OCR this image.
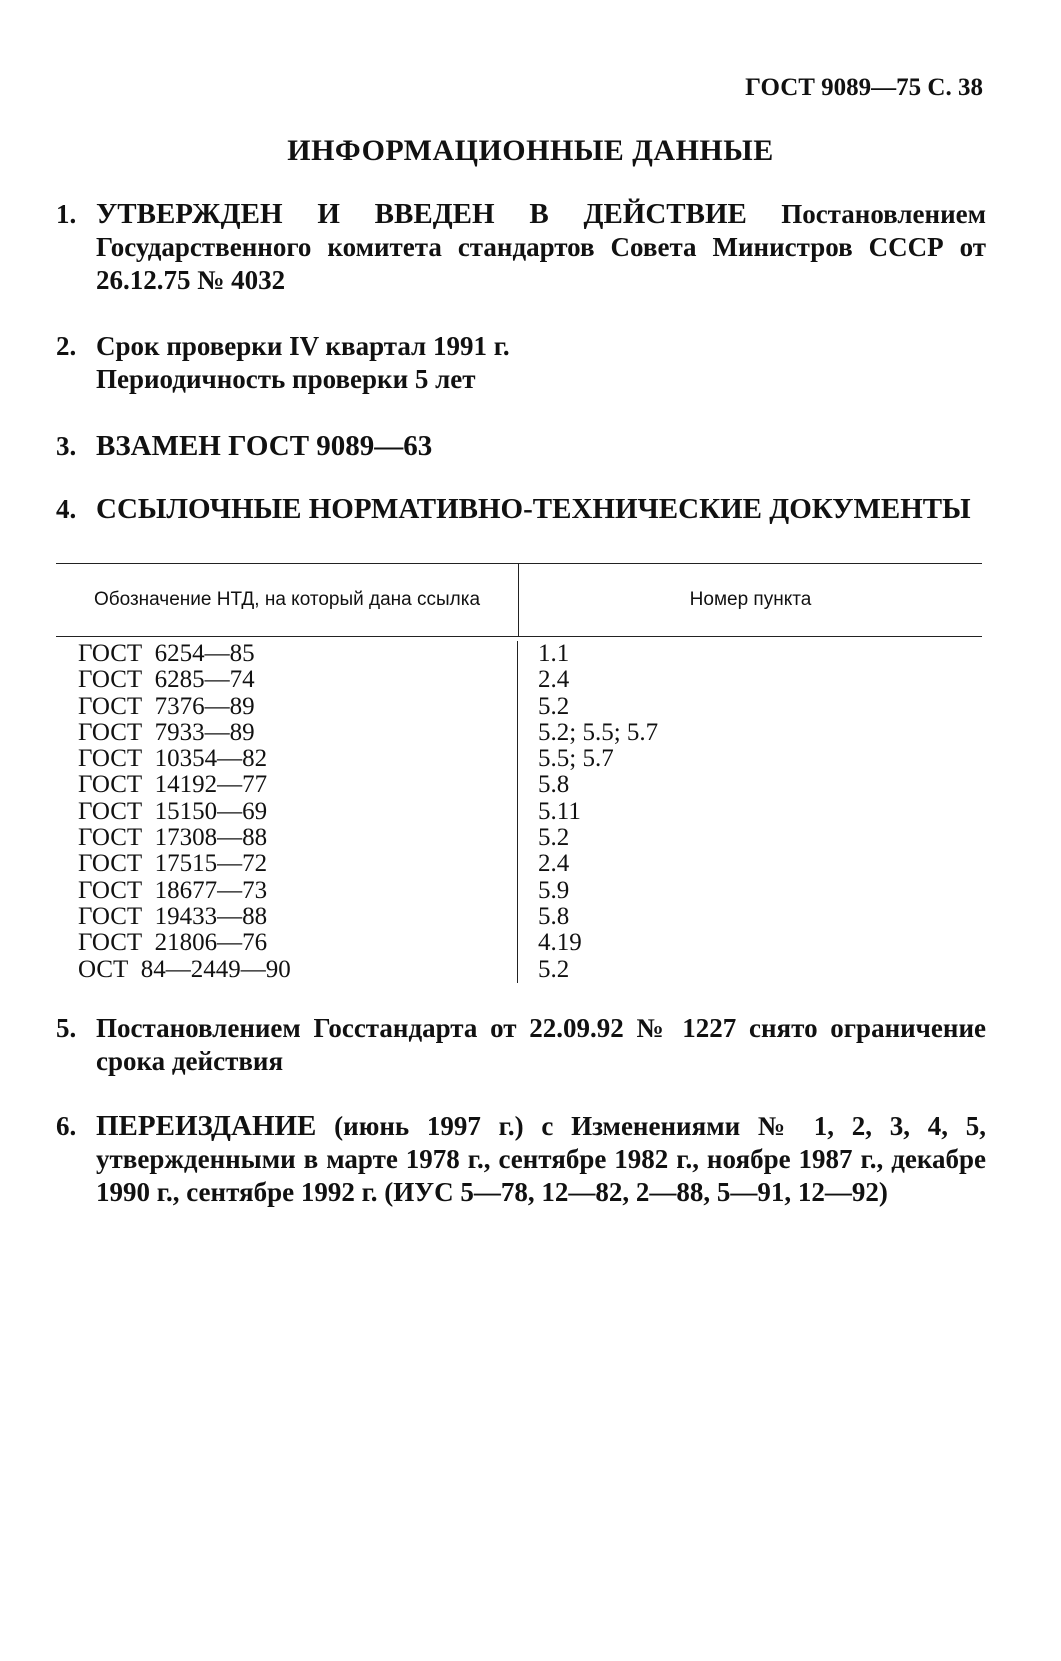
ГОСТ 9089—75 С. 38
ИНФОРМАЦИОННЫЕ ДАННЫЕ
1. УТВЕРЖДЕН И ВВЕДЕН В ДЕЙСТВИЕ Постановлением Государственного комитета стандартов Совета Министров СССР от 26.12.75 № 4032
2. Срок проверки IV квартал 1991 г.
Периодичность проверки 5 лет
3. ВЗАМЕН ГОСТ 9089—63
4. ССЫЛОЧНЫЕ НОРМАТИВНО-ТЕХНИЧЕСКИЕ ДОКУМЕНТЫ
Обозначение НТД, на который дана ссылка	Номер пункта
ГОСТ  6254—85
ГОСТ  6285—74
ГОСТ  7376—89
ГОСТ  7933—89
ГОСТ  10354—82
ГОСТ  14192—77
ГОСТ  15150—69
ГОСТ  17308—88
ГОСТ  17515—72
ГОСТ  18677—73
ГОСТ  19433—88
ГОСТ  21806—76
ОСТ  84—2449—90
1.1
2.4
5.2
5.2; 5.5; 5.7
5.5; 5.7
5.8
5.11
5.2
2.4
5.9
5.8
4.19
5.2
5. Постановлением Госстандарта от 22.09.92 № 1227 снято ограничение срока действия
6. ПЕРЕИЗДАНИЕ (июнь 1997 г.) с Изменениями № 1, 2, 3, 4, 5, утвержденными в марте 1978 г., сентябре 1982 г., ноябре 1987 г., декабре 1990 г., сентябре 1992 г. (ИУС 5—78, 12—82, 2—88, 5—91, 12—92)
